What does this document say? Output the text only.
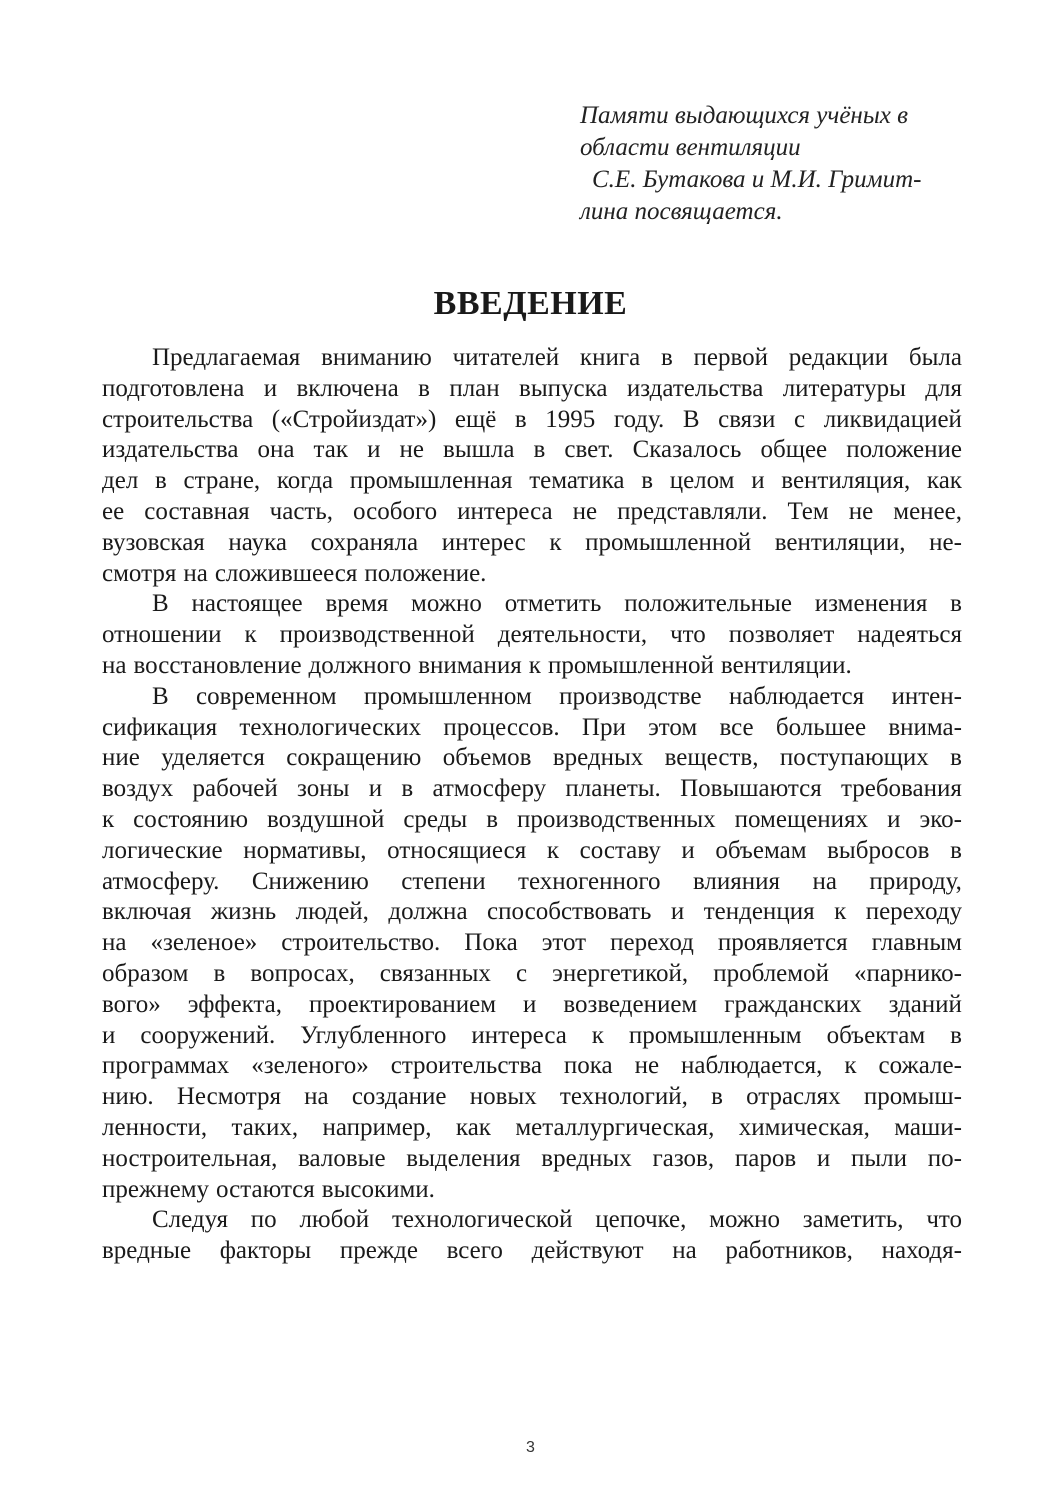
Памяти выдающихся учёных в
области вентиляции
С.Е. Бутакова и М.И. Гримит-
лина посвящается.
ВВЕДЕНИЕ
Предлагаемая вниманию читателей книга в первой редакции была
подготовлена и включена в план выпуска издательства литературы для
строительства («Стройиздат») ещё в 1995 году. В связи с ликвидацией
издательства она так и не вышла в свет. Сказалось общее положение
дел в стране, когда промышленная тематика в целом и вентиляция, как
ее составная часть, особого интереса не представляли. Тем не менее,
вузовская наука сохраняла интерес к промышленной вентиляции, не-
смотря на сложившееся положение.
В настоящее время можно отметить положительные изменения в
отношении к производственной деятельности, что позволяет надеяться
на восстановление должного внимания к промышленной вентиляции.
В современном промышленном производстве наблюдается интен-
сификация технологических процессов. При этом все большее внима-
ние уделяется сокращению объемов вредных веществ, поступающих в
воздух рабочей зоны и в атмосферу планеты. Повышаются требования
к состоянию воздушной среды в производственных помещениях и эко-
логические нормативы, относящиеся к составу и объемам выбросов в
атмосферу. Снижению степени техногенного влияния на природу,
включая жизнь людей, должна способствовать и тенденция к переходу
на «зеленое» строительство. Пока этот переход проявляется главным
образом в вопросах, связанных с энергетикой, проблемой «парнико-
вого» эффекта, проектированием и возведением гражданских зданий
и сооружений. Углубленного интереса к промышленным объектам в
программах «зеленого» строительства пока не наблюдается, к сожале-
нию. Несмотря на создание новых технологий, в отраслях промыш-
ленности, таких, например, как металлургическая, химическая, маши-
ностроительная, валовые выделения вредных газов, паров и пыли по-
прежнему остаются высокими.
Следуя по любой технологической цепочке, можно заметить, что
вредные факторы прежде всего действуют на работников, находя-
3
